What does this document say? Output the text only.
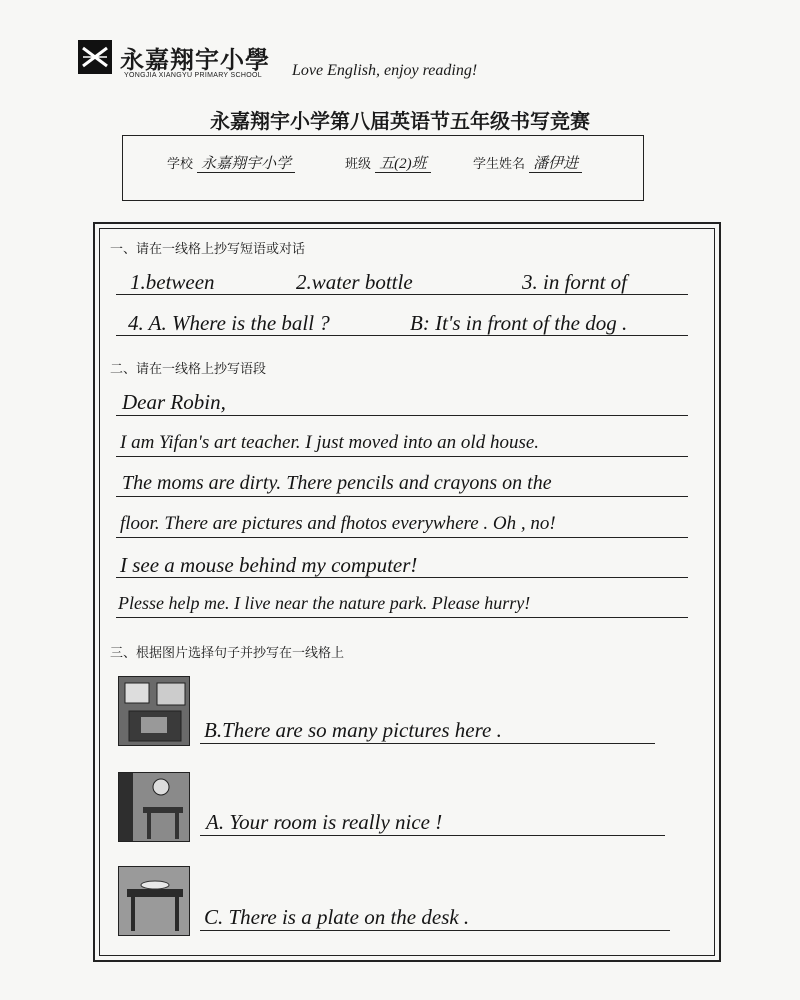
永嘉翔宇小學
YONGJIA XIANGYU PRIMARY SCHOOL Love English, enjoy reading!
永嘉翔宇小学第八届英语节五年级书写竞赛
学校 永嘉翔宇小学	班级 五(2)班	学生姓名 潘伊进
一、请在一线格上抄写短语或对话
1.between	2.water bottle	3. in fornt of
4. A. Where is the ball ?	B: It's in front of the dog .
二、请在一线格上抄写语段
Dear Robin,
I am Yifan's art teacher. I just moved into an old house.
The moms are dirty. There pencils and crayons on the
floor. There are pictures and fhotos everywhere . Oh , no!
I see a mouse behind my computer!
Plesse help me. I live near the nature park. Please hurry!
三、根据图片选择句子并抄写在一线格上
B.There are so many pictures here .
A. Your room is really nice !
C. There is a plate on the desk .
